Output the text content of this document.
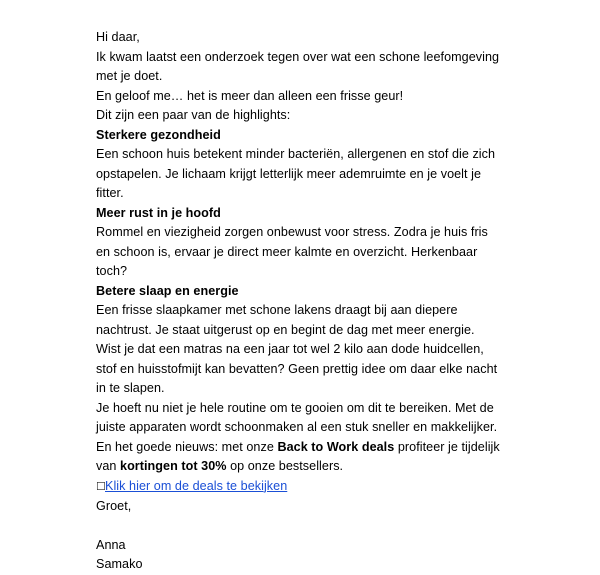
Hi daar,

Ik kwam laatst een onderzoek tegen over wat een schone leefomgeving met je doet.

En geloof me… het is meer dan alleen een frisse geur!

Dit zijn een paar van de highlights:

Sterkere gezondheid

Een schoon huis betekent minder bacteriën, allergenen en stof die zich opstapelen. Je lichaam krijgt letterlijk meer ademruimte en je voelt je fitter.

Meer rust in je hoofd

Rommel en viezigheid zorgen onbewust voor stress. Zodra je huis fris en schoon is, ervaar je direct meer kalmte en overzicht. Herkenbaar toch?

Betere slaap en energie

Een frisse slaapkamer met schone lakens draagt bij aan diepere nachtrust. Je staat uitgerust op en begint de dag met meer energie.

Wist je dat een matras na een jaar tot wel 2 kilo aan dode huidcellen, stof en huisstofmijt kan bevatten? Geen prettig idee om daar elke nacht in te slapen.

Je hoeft nu niet je hele routine om te gooien om dit te bereiken. Met de juiste apparaten wordt schoonmaken al een stuk sneller en makkelijker.

En het goede nieuws: met onze Back to Work deals profiteer je tijdelijk van kortingen tot 30% op onze bestsellers.

☐Klik hier om de deals te bekijken

Groet,

Anna

Samako
